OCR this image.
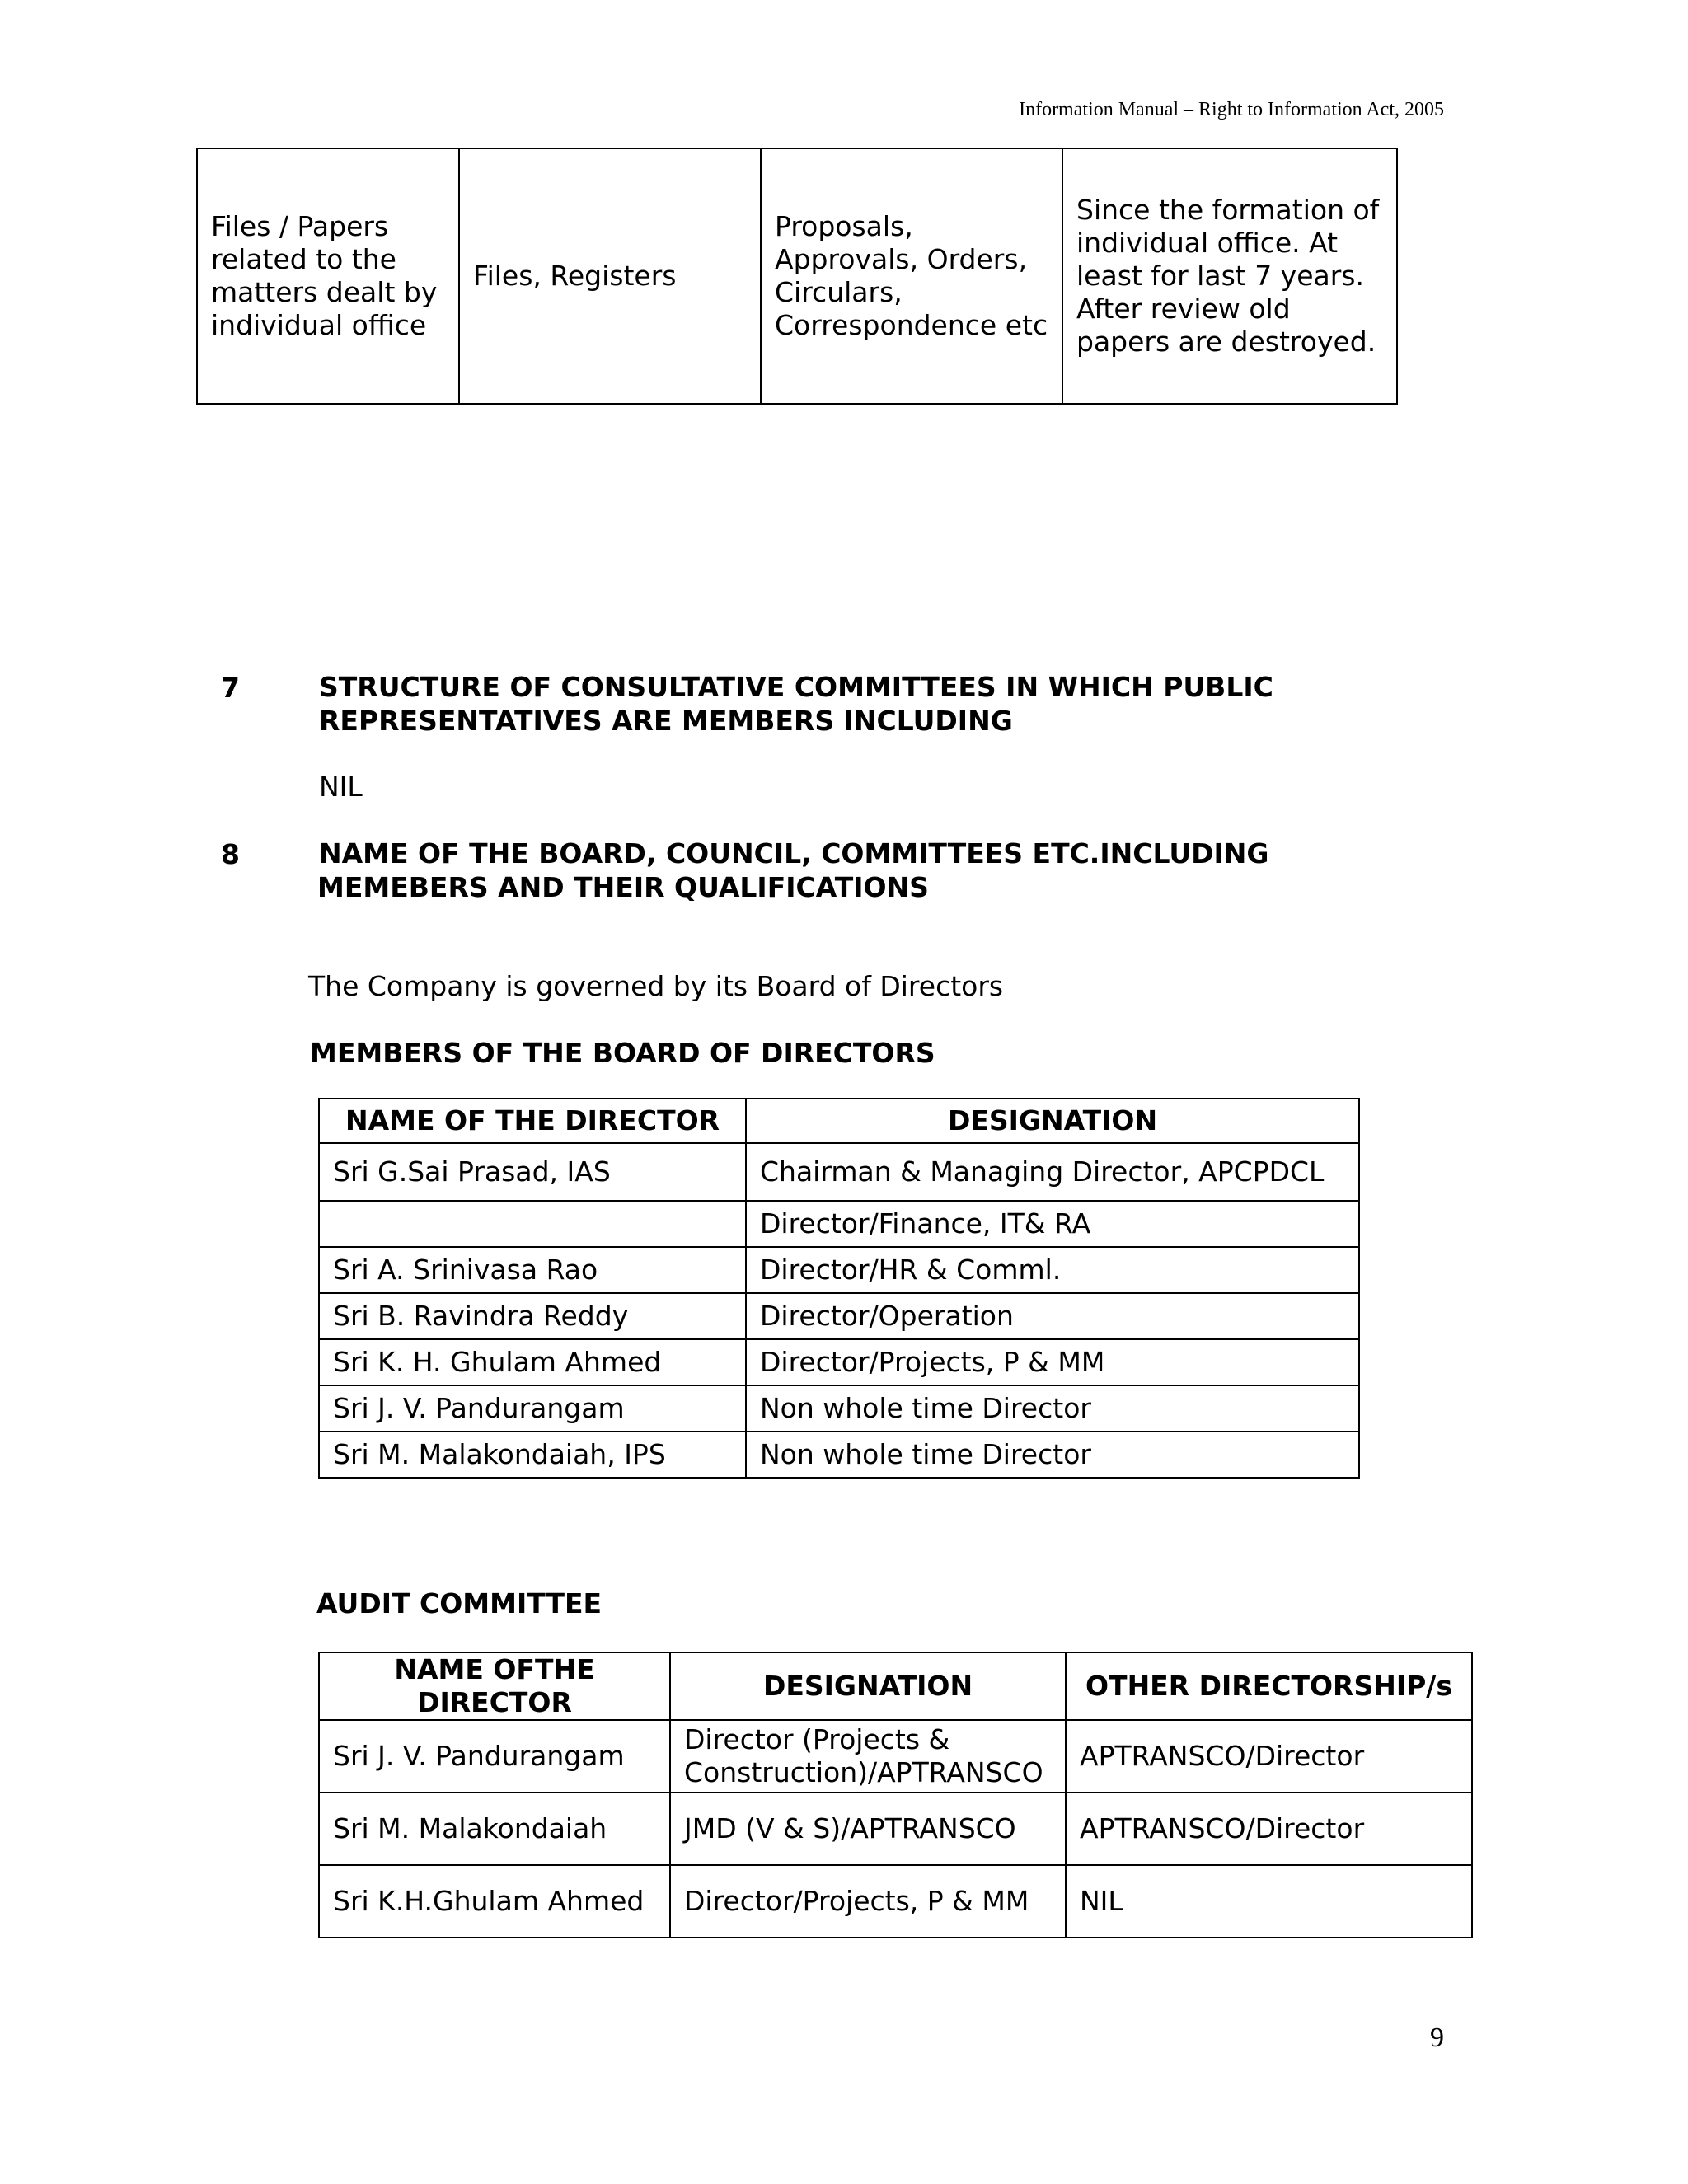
Information Manual – Right to Information Act, 2005
Files / Papers related to the matters dealt by individual office	Files, Registers	Proposals, Approvals, Orders, Circulars, Correspondence etc	Since the formation of individual office. At least for last 7 years. After review old papers are destroyed.
7	STRUCTURE OF CONSULTATIVE COMMITTEES IN WHICH PUBLIC
REPRESENTATIVES ARE MEMBERS INCLUDING
NIL
8	NAME OF THE BOARD, COUNCIL, COMMITTEES ETC.INCLUDING
MEMEBERS AND THEIR QUALIFICATIONS
The Company is governed by its Board of Directors
MEMBERS OF THE BOARD OF DIRECTORS
NAME OF THE DIRECTOR	DESIGNATION
Sri G.Sai Prasad, IAS	Chairman & Managing Director, APCPDCL
	Director/Finance, IT& RA
Sri A. Srinivasa Rao	Director/HR & Comml.
Sri B. Ravindra Reddy	Director/Operation
Sri K. H. Ghulam Ahmed	Director/Projects, P & MM
Sri J. V. Pandurangam	Non whole time Director
Sri M. Malakondaiah, IPS	Non whole time Director
AUDIT COMMITTEE
NAME OFTHE DIRECTOR	DESIGNATION	OTHER DIRECTORSHIP/s
Sri J. V. Pandurangam	Director (Projects & Construction)/APTRANSCO	APTRANSCO/Director
Sri M. Malakondaiah	JMD (V & S)/APTRANSCO	APTRANSCO/Director
Sri K.H.Ghulam Ahmed	Director/Projects, P & MM	NIL
9
